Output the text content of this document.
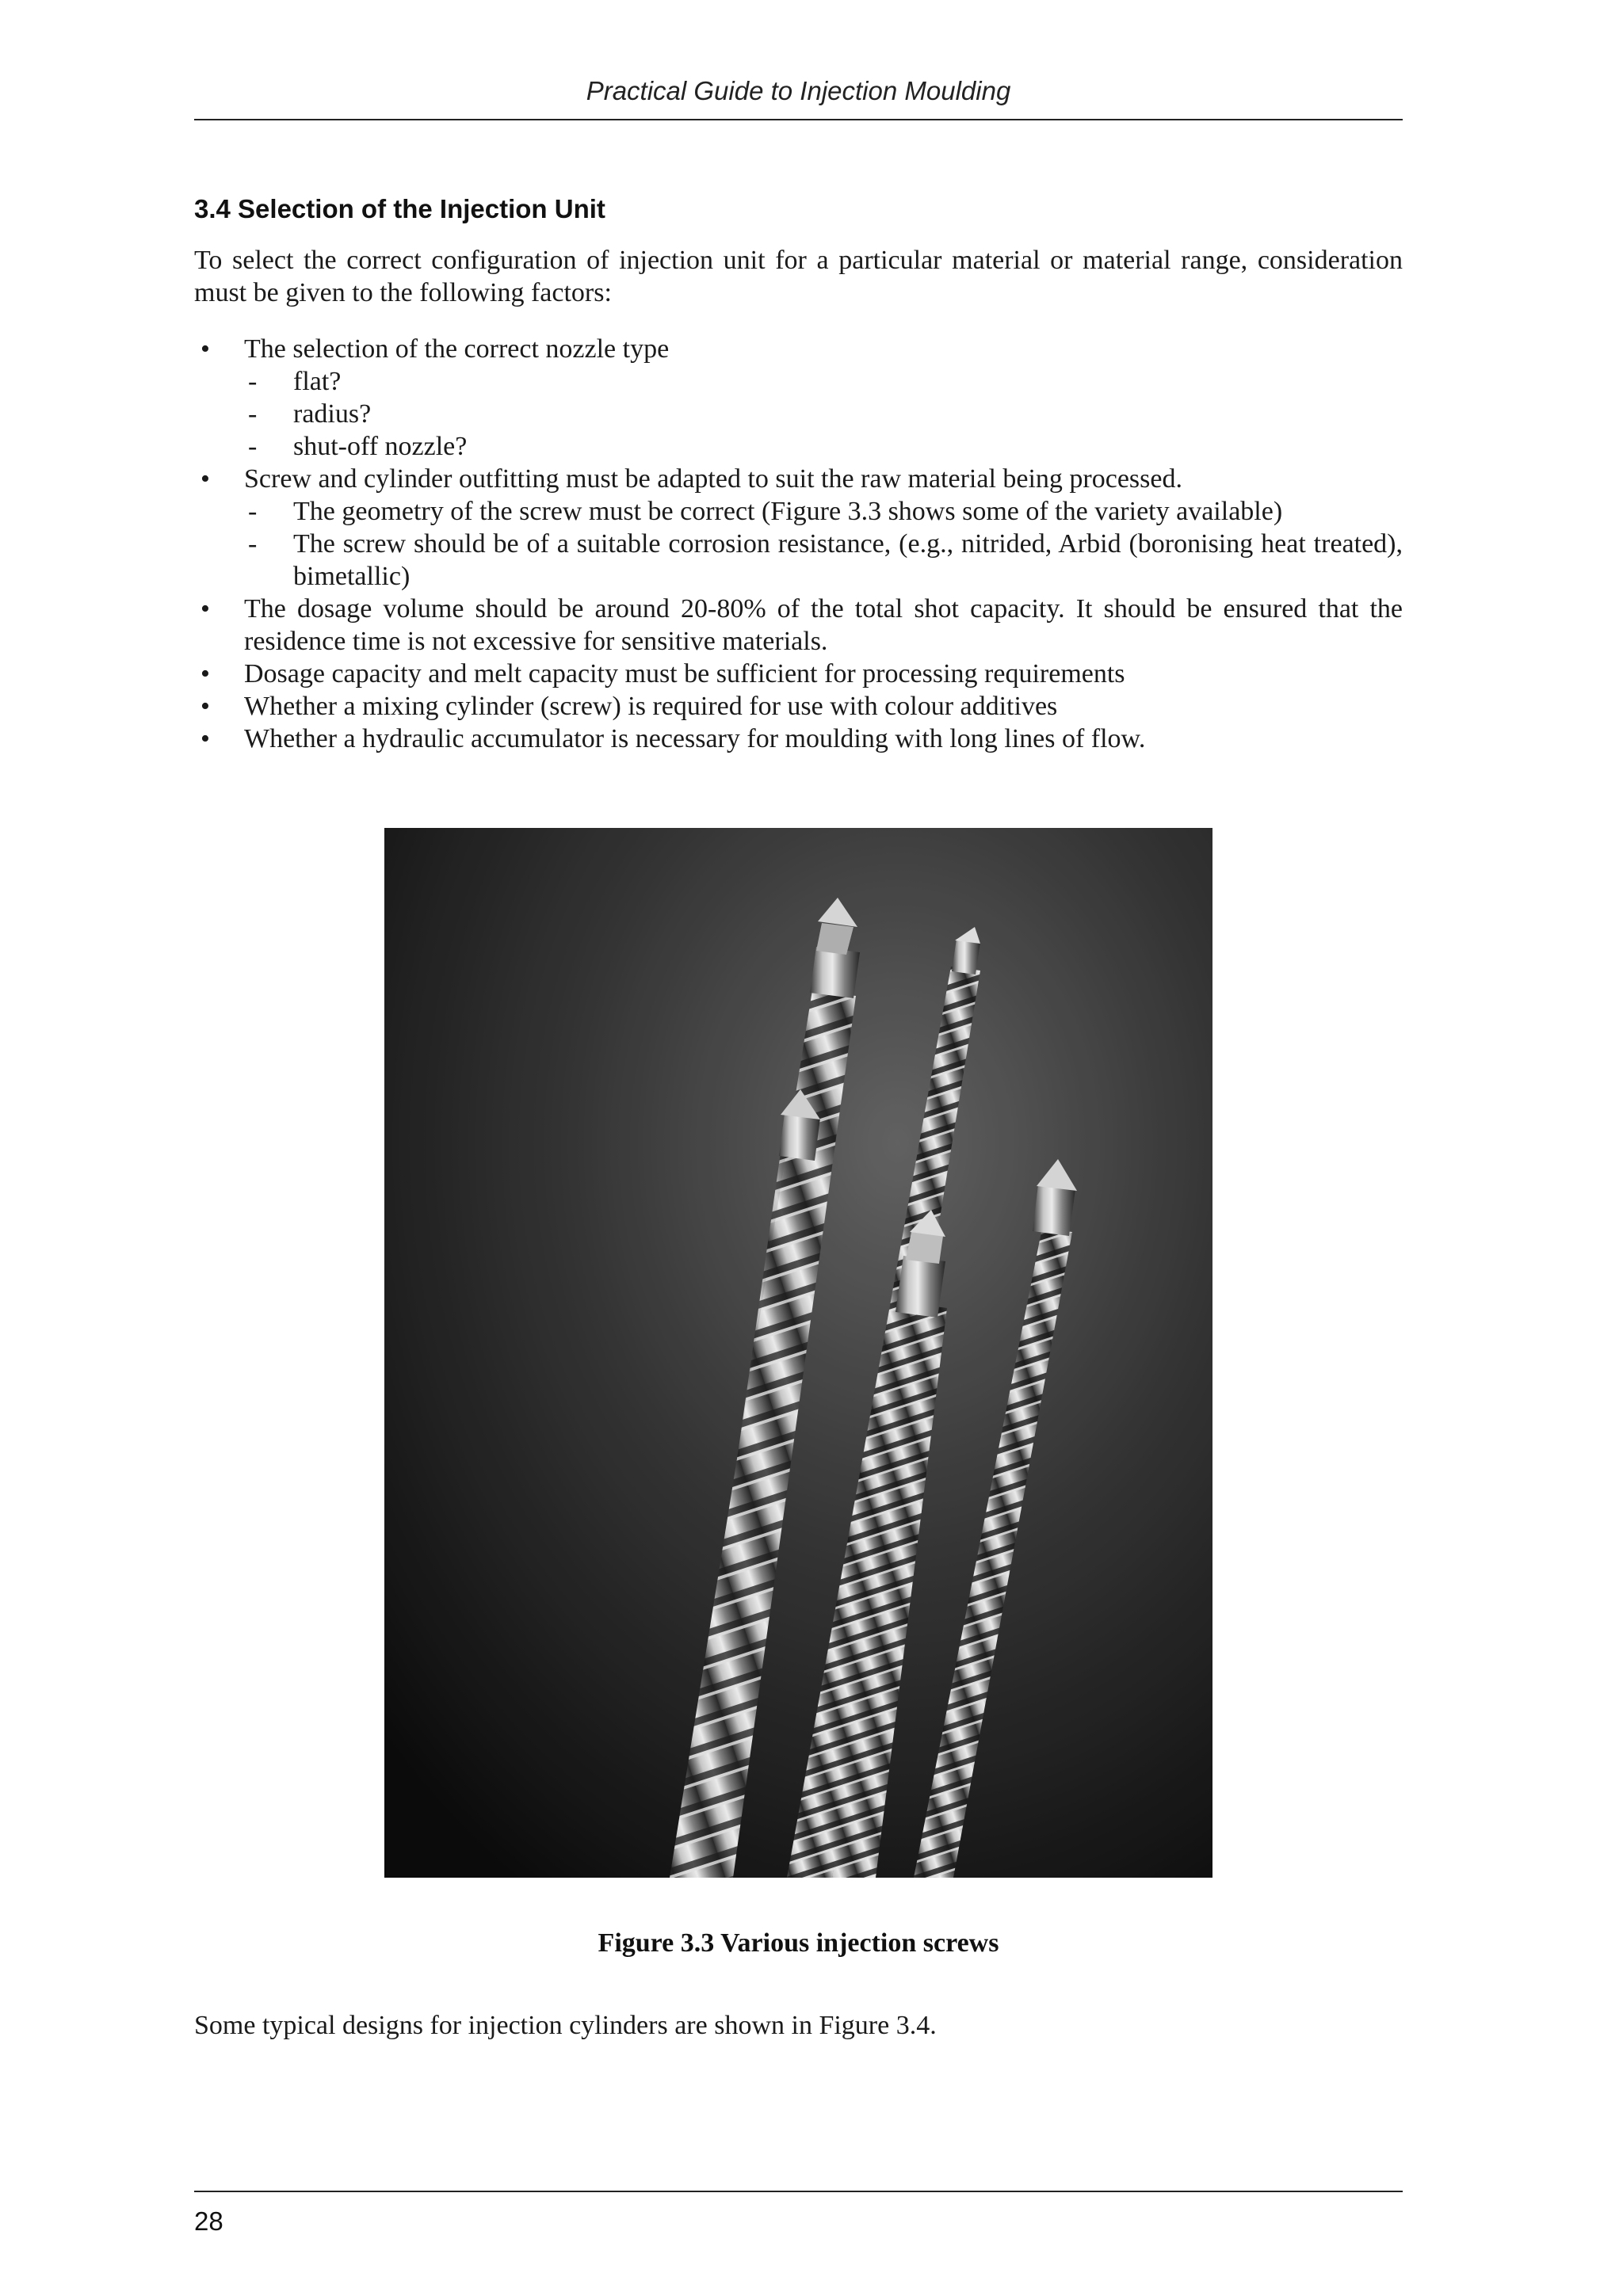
Practical Guide to Injection Moulding
3.4 Selection of the Injection Unit
To select the correct configuration of injection unit for a particular material or material range, consideration must be given to the following factors:
• The selection of the correct nozzle type
- flat?
- radius?
- shut-off nozzle?
• Screw and cylinder outfitting must be adapted to suit the raw material being processed.
- The geometry of the screw must be correct (Figure 3.3 shows some of the variety available)
- The screw should be of a suitable corrosion resistance, (e.g., nitrided, Arbid (boronising heat treated), bimetallic)
• The dosage volume should be around 20-80% of the total shot capacity. It should be ensured that the residence time is not excessive for sensitive materials.
• Dosage capacity and melt capacity must be sufficient for processing requirements
• Whether a mixing cylinder (screw) is required for use with colour additives
• Whether a hydraulic accumulator is necessary for moulding with long lines of flow.
Figure 3.3 Various injection screws
Some typical designs for injection cylinders are shown in Figure 3.4.
28
